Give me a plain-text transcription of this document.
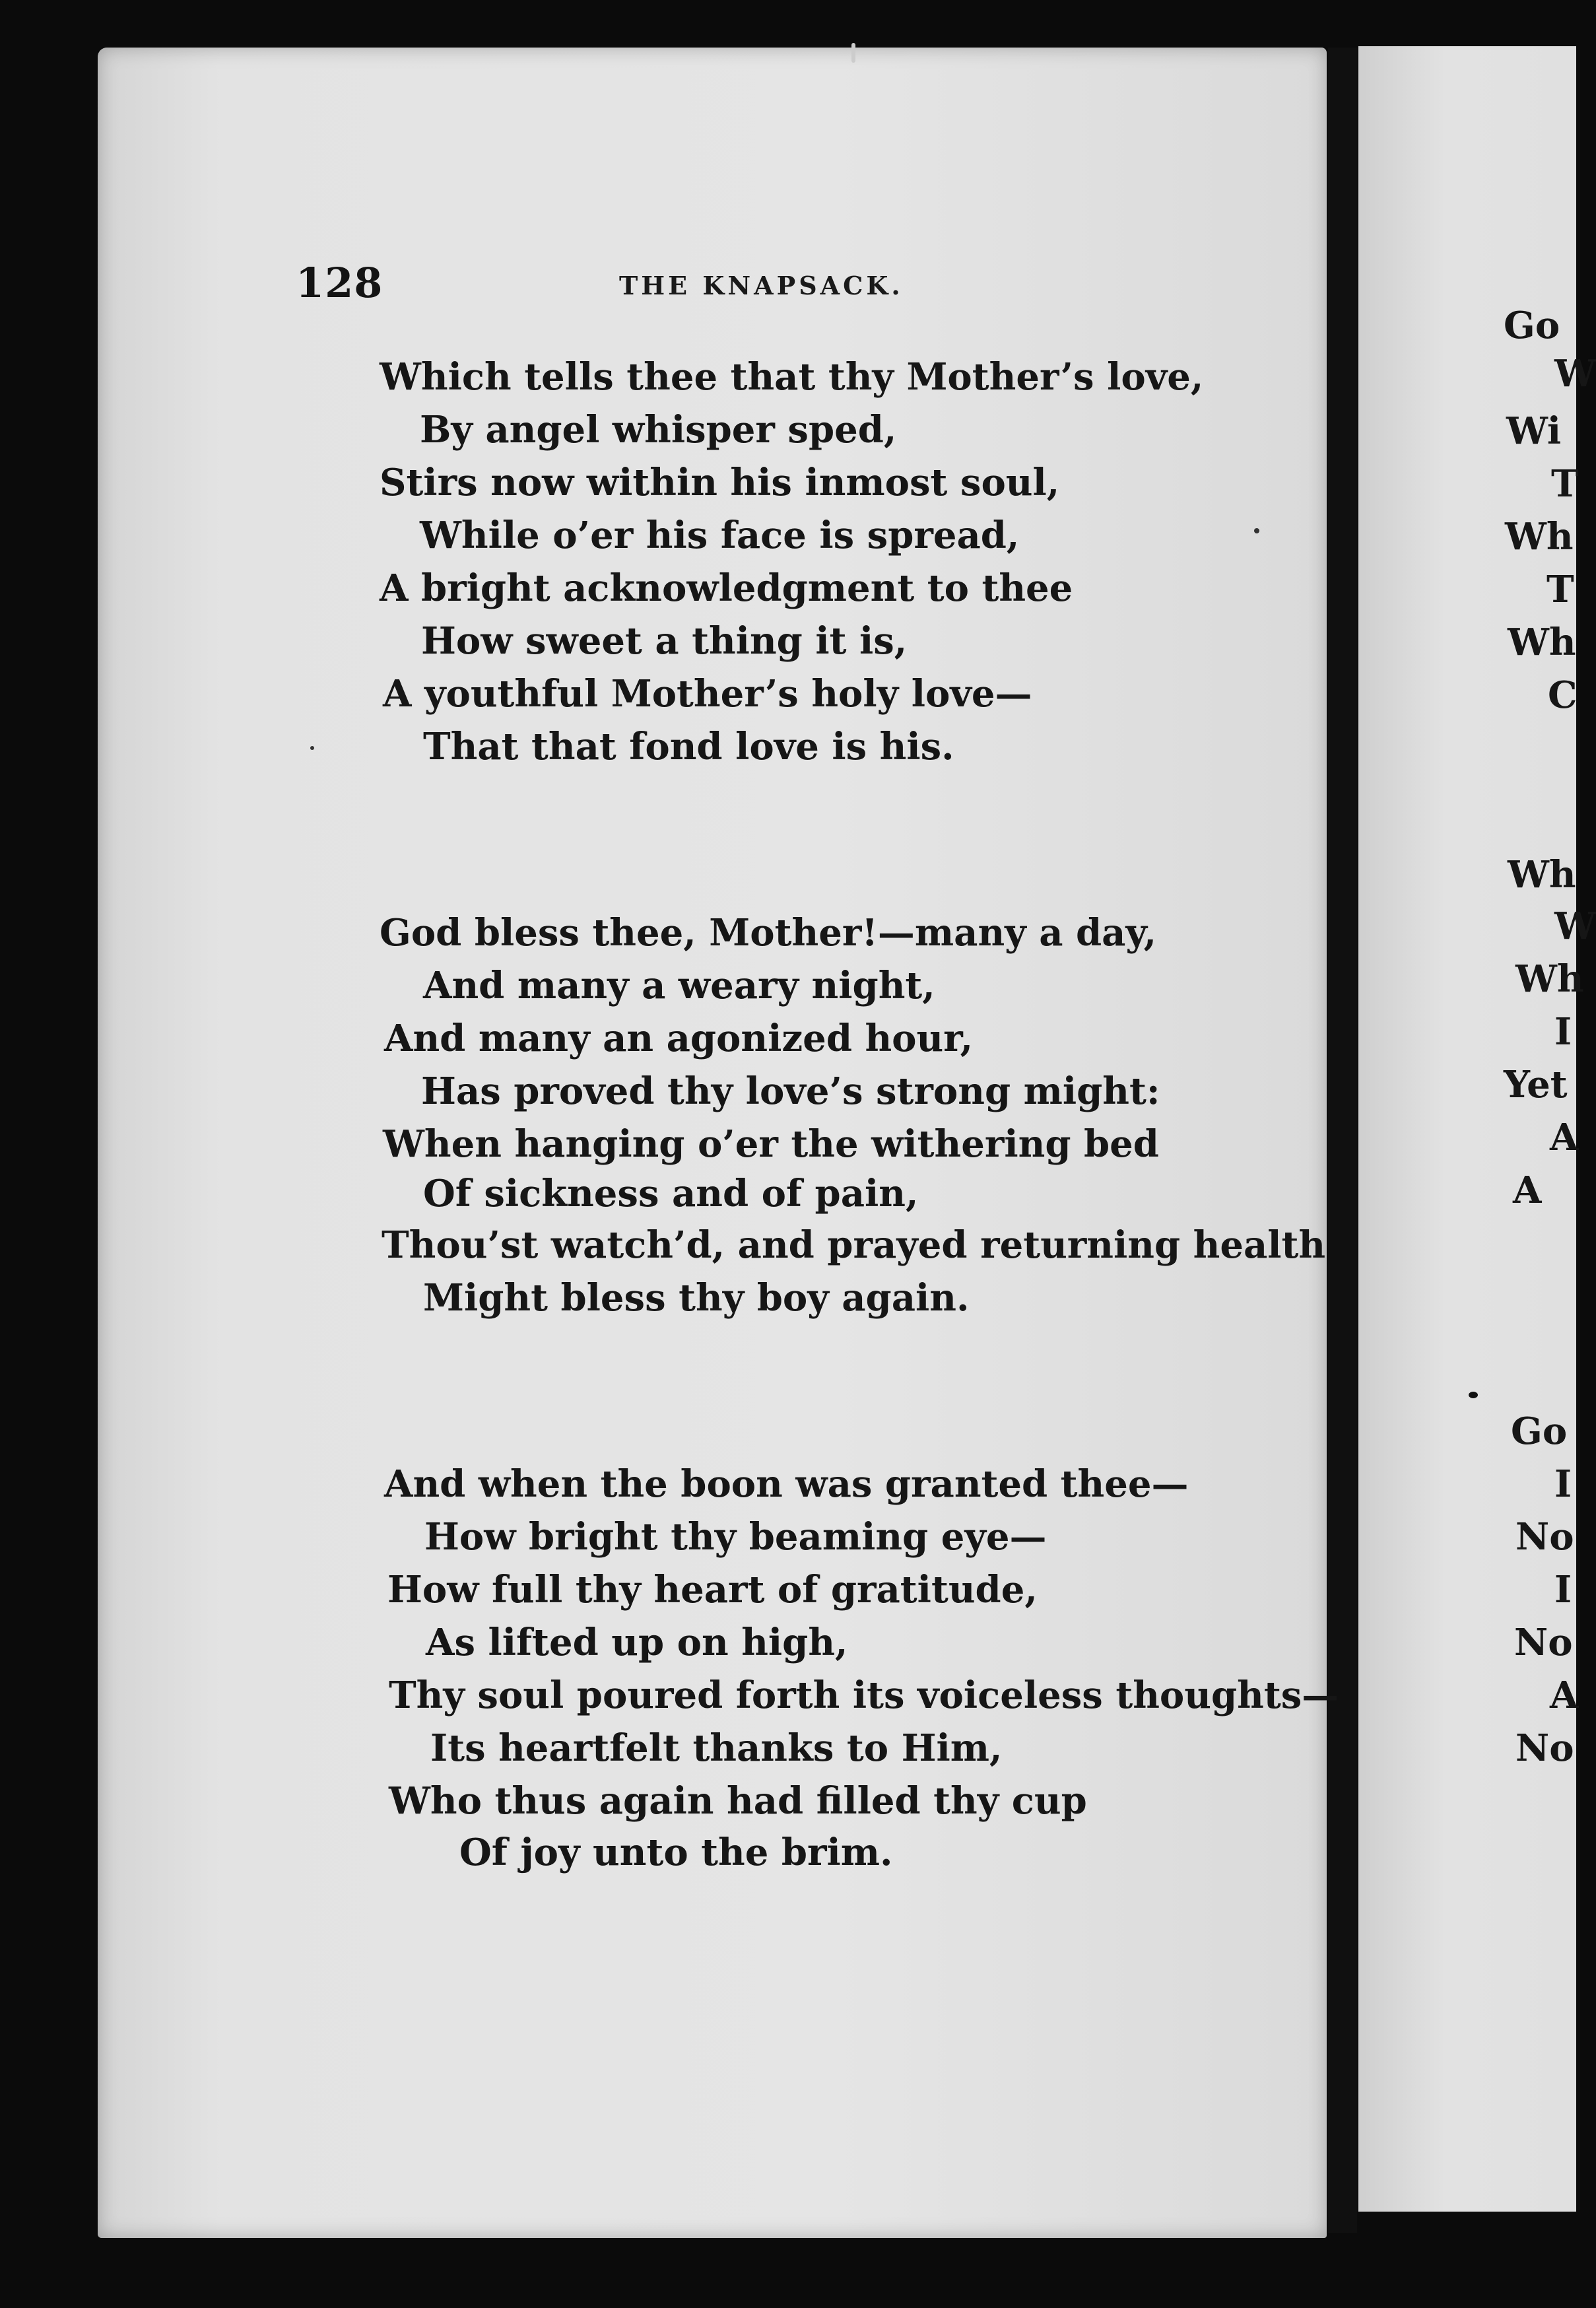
128	THE KNAPSACK.
Which tells thee that thy Mother’s love,
By angel whisper sped,
Stirs now within his inmost soul,
While o’er his face is spread,
A bright acknowledgment to thee
How sweet a thing it is,
A youthful Mother’s holy love—
That that fond love is his.
God bless thee, Mother!—many a day,
And many a weary night,
And many an agonized hour,
Has proved thy love’s strong might:
When hanging o’er the withering bed
Of sickness and of pain,
Thou’st watch’d, and prayed returning health
Might bless thy boy again.
And when the boon was granted thee—
How bright thy beaming eye—
How full thy heart of gratitude,
As lifted up on high,
Thy soul poured forth its voiceless thoughts—
Its heartfelt thanks to Him,
Who thus again had filled thy cup
Of joy unto the brim.
Go
W
Wi
T
Wh
T
Wh
C
Wh
W
Wh
I
Yet
A
A
Go
I
No
I
No
A
No
